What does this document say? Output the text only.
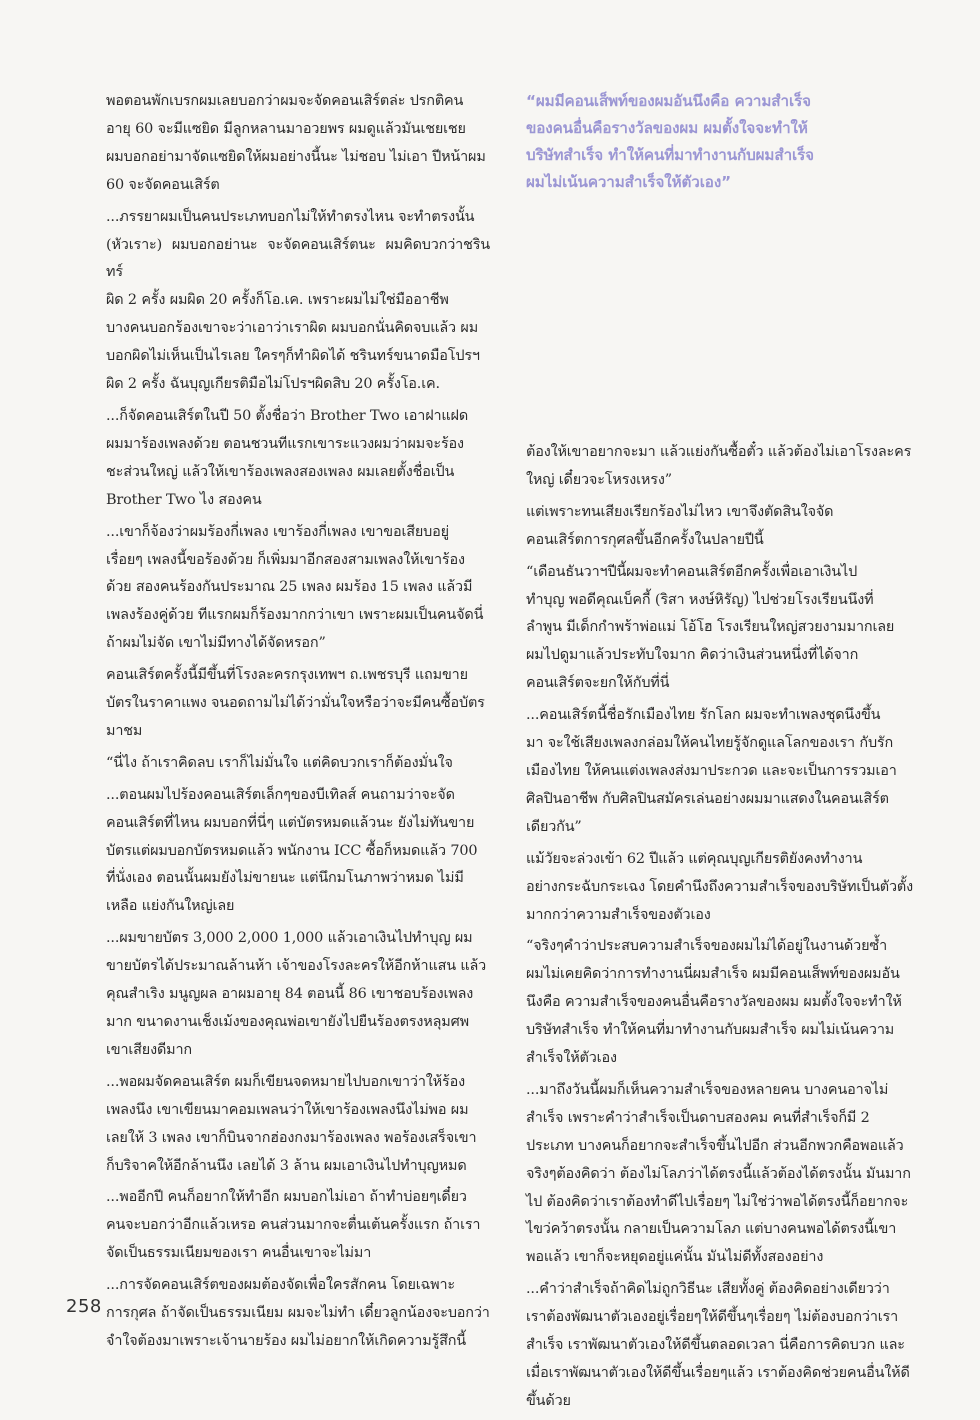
พอตอนพักเบรกผมเลยบอกว่าผมจะจัดคอนเสิร์ตล่ะ ปรกติคน
อายุ 60 จะมีแซยิด มีลูกหลานมาอวยพร ผมดูแล้วมันเชยเชย
ผมบอกอย่ามาจัดแซยิดให้ผมอย่างนี้นะ ไม่ชอบ ไม่เอา ปีหน้าผม
60 จะจัดคอนเสิร์ต

...ภรรยาผมเป็นคนประเภทบอกไม่ให้ทำตรงไหน จะทำตรงนั้น
(หัวเราะ) ผมบอกอย่านะ จะจัดคอนเสิร์ตนะ ผมคิดบวกว่าชรินทร์
ผิด 2 ครั้ง ผมผิด 20 ครั้งก็โอ.เค. เพราะผมไม่ใช่มืออาชีพ
บางคนบอกร้องเขาจะว่าเอาว่าเราผิด ผมบอกนั่นคิดจบแล้ว ผม
บอกผิดไม่เห็นเป็นไรเลย ใครๆก็ทำผิดได้ ชรินทร์ขนาดมือโปรฯ
ผิด 2 ครั้ง ฉันบุญเกียรติมือไม่โปรฯผิดสิบ 20 ครั้งโอ.เค.

...ก็จัดคอนเสิร์ตในปี 50 ตั้งชื่อว่า Brother Two เอาฝาแฝด
ผมมาร้องเพลงด้วย ตอนชวนทีแรกเขาระแวงผมว่าผมจะร้อง
ชะส่วนใหญ่ แล้วให้เขาร้องเพลงสองเพลง ผมเลยตั้งชื่อเป็น
Brother Two ไง สองคน

...เขาก็จ้องว่าผมร้องกี่เพลง เขาร้องกี่เพลง เขาขอเสียบอยู่
เรื่อยๆ เพลงนี้ขอร้องด้วย ก็เพิ่มมาอีกสองสามเพลงให้เขาร้อง
ด้วย สองคนร้องกันประมาณ 25 เพลง ผมร้อง 15 เพลง แล้วมี
เพลงร้องคู่ด้วย ทีแรกผมก็ร้องมากกว่าเขา เพราะผมเป็นคนจัดนี่
ถ้าผมไม่จัด เขาไม่มีทางได้จัดหรอก”

คอนเสิร์ตครั้งนี้มีขึ้นที่โรงละครกรุงเทพฯ ถ.เพชรบุรี แถมขาย
บัตรในราคาแพง จนอดถามไม่ได้ว่ามั่นใจหรือว่าจะมีคนซื้อบัตร
มาชม

“นี่ไง ถ้าเราคิดลบ เราก็ไม่มั่นใจ แต่คิดบวกเราก็ต้องมั่นใจ

...ตอนผมไปร้องคอนเสิร์ตเล็กๆของบีเทิลส์ คนถามว่าจะจัด
คอนเสิร์ตที่ไหน ผมบอกที่นี่ๆ แต่บัตรหมดแล้วนะ ยังไม่ทันขาย
บัตรแต่ผมบอกบัตรหมดแล้ว พนักงาน ICC ซื้อก็หมดแล้ว 700
ที่นั่งเอง ตอนนั้นผมยังไม่ขายนะ แต่นึกมโนภาพว่าหมด ไม่มี
เหลือ แย่งกันใหญ่เลย

...ผมขายบัตร 3,000 2,000 1,000 แล้วเอาเงินไปทำบุญ ผม
ขายบัตรได้ประมาณล้านห้า เจ้าของโรงละครให้อีกห้าแสน แล้ว
คุณสำเริง มนูญผล อาผมอายุ 84 ตอนนี้ 86 เขาชอบร้องเพลง
มาก ขนาดงานเช็งเม้งของคุณพ่อเขายังไปยืนร้องตรงหลุมศพ
เขาเสียงดีมาก

...พอผมจัดคอนเสิร์ต ผมก็เขียนจดหมายไปบอกเขาว่าให้ร้อง
เพลงนึง เขาเขียนมาคอมเพลนว่าให้เขาร้องเพลงนึงไม่พอ ผม
เลยให้ 3 เพลง เขาก็บินจากฮ่องกงมาร้องเพลง พอร้องเสร็จเขา
ก็บริจาคให้อีกล้านนึง เลยได้ 3 ล้าน ผมเอาเงินไปทำบุญหมด

...พออีกปี คนก็อยากให้ทำอีก ผมบอกไม่เอา ถ้าทำบ่อยๆเดี๋ยว
คนจะบอกว่าอีกแล้วเหรอ คนส่วนมากจะตื่นเต้นครั้งแรก ถ้าเรา
จัดเป็นธรรมเนียมของเรา คนอื่นเขาจะไม่มา

...การจัดคอนเสิร์ตของผมต้องจัดเพื่อใครสักคน โดยเฉพาะ
การกุศล ถ้าจัดเป็นธรรมเนียม ผมจะไม่ทำ เดี๋ยวลูกน้องจะบอกว่า
จำใจต้องมาเพราะเจ้านายร้อง ผมไม่อยากให้เกิดความรู้สึกนี้

“ผมมีคอนเส็พท์ของผมอันนึงคือ ความสำเร็จ
ของคนอื่นคือรางวัลของผม ผมตั้งใจจะทำให้
บริษัทสำเร็จ ทำให้คนที่มาทำงานกับผมสำเร็จ
ผมไม่เน้นความสำเร็จให้ตัวเอง”

ต้องให้เขาอยากจะมา แล้วแย่งกันซื้อตั๋ว แล้วต้องไม่เอาโรงละคร
ใหญ่ เดี๋ยวจะโหรงเหรง”

แต่เพราะทนเสียงเรียกร้องไม่ไหว เขาจึงตัดสินใจจัด
คอนเสิร์ตการกุศลขึ้นอีกครั้งในปลายปีนี้

“เดือนธันวาฯปีนี้ผมจะทำคอนเสิร์ตอีกครั้งเพื่อเอาเงินไป
ทำบุญ พอดีคุณเบ็คกี้ (ริสา หงษ์หิรัญ) ไปช่วยโรงเรียนนึงที่
ลำพูน มีเด็กกำพร้าพ่อแม่ โอ้โฮ โรงเรียนใหญ่สวยงามมากเลย
ผมไปดูมาแล้วประทับใจมาก คิดว่าเงินส่วนหนึ่งที่ได้จาก
คอนเสิร์ตจะยกให้กับที่นี่

...คอนเสิร์ตนี้ชื่อรักเมืองไทย รักโลก ผมจะทำเพลงชุดนึงขึ้น
มา จะใช้เสียงเพลงกล่อมให้คนไทยรู้จักดูแลโลกของเรา กับรัก
เมืองไทย ให้คนแต่งเพลงส่งมาประกวด และจะเป็นการรวมเอา
ศิลปินอาชีพ กับศิลปินสมัครเล่นอย่างผมมาแสดงในคอนเสิร์ต
เดียวกัน”

แม้วัยจะล่วงเข้า 62 ปีแล้ว แต่คุณบุญเกียรติยังคงทำงาน
อย่างกระฉับกระเฉง โดยคำนึงถึงความสำเร็จของบริษัทเป็นตัวตั้ง
มากกว่าความสำเร็จของตัวเอง

“จริงๆคำว่าประสบความสำเร็จของผมไม่ได้อยู่ในงานด้วยซ้ำ
ผมไม่เคยคิดว่าการทำงานนี่ผมสำเร็จ ผมมีคอนเส็พท์ของผมอัน
นึงคือ ความสำเร็จของคนอื่นคือรางวัลของผม ผมตั้งใจจะทำให้
บริษัทสำเร็จ ทำให้คนที่มาทำงานกับผมสำเร็จ ผมไม่เน้นความ
สำเร็จให้ตัวเอง

...มาถึงวันนี้ผมก็เห็นความสำเร็จของหลายคน บางคนอาจไม่
สำเร็จ เพราะคำว่าสำเร็จเป็นดาบสองคม คนที่สำเร็จก็มี 2
ประเภท บางคนก็อยากจะสำเร็จขึ้นไปอีก ส่วนอีกพวกคือพอแล้ว
จริงๆต้องคิดว่า ต้องไม่โลภว่าได้ตรงนี้แล้วต้องได้ตรงนั้น มันมาก
ไป ต้องคิดว่าเราต้องทำดีไปเรื่อยๆ ไม่ใช่ว่าพอได้ตรงนี้ก็อยากจะ
ไขว่คว้าตรงนั้น กลายเป็นความโลภ แต่บางคนพอได้ตรงนี้เขา
พอแล้ว เขาก็จะหยุดอยู่แค่นั้น มันไม่ดีทั้งสองอย่าง

...คำว่าสำเร็จถ้าคิดไม่ถูกวิธีนะ เสียทั้งคู่ ต้องคิดอย่างเดียวว่า
เราต้องพัฒนาตัวเองอยู่เรื่อยๆให้ดีขึ้นๆเรื่อยๆ ไม่ต้องบอกว่าเรา
สำเร็จ เราพัฒนาตัวเองให้ดีขึ้นตลอดเวลา นี่คือการคิดบวก และ
เมื่อเราพัฒนาตัวเองให้ดีขึ้นเรื่อยๆแล้ว เราต้องคิดช่วยคนอื่นให้ดี
ขึ้นด้วย

258
